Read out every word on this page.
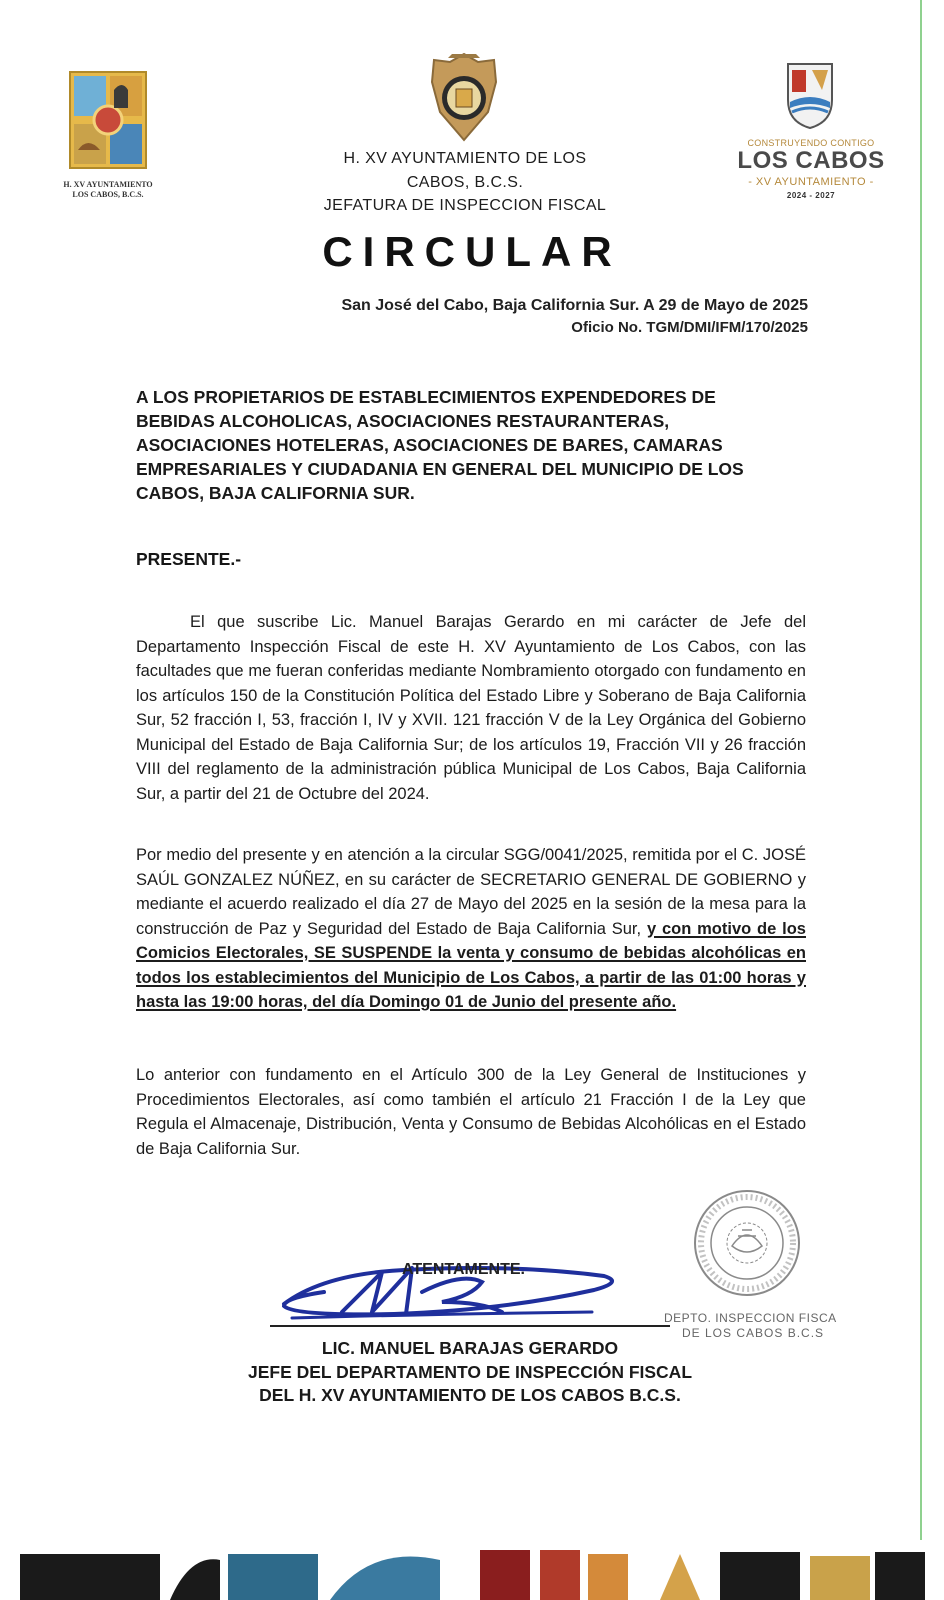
H. XV AYUNTAMIENTO LOS CABOS, B.C.S.
H. XV AYUNTAMIENTO DE LOS
CABOS, B.C.S.
JEFATURA DE INSPECCION FISCAL
CONSTRUYENDO CONTIGO
LOS CABOS
- XV AYUNTAMIENTO -
2024 - 2027
CIRCULAR
San José del Cabo, Baja California Sur. A 29 de Mayo de 2025
Oficio No. TGM/DMI/IFM/170/2025
A LOS PROPIETARIOS DE ESTABLECIMIENTOS EXPENDEDORES DE BEBIDAS ALCOHOLICAS, ASOCIACIONES RESTAURANTERAS, ASOCIACIONES HOTELERAS, ASOCIACIONES DE BARES, CAMARAS EMPRESARIALES Y CIUDADANIA EN GENERAL DEL MUNICIPIO DE LOS CABOS, BAJA CALIFORNIA SUR.
PRESENTE.-
El que suscribe Lic. Manuel Barajas Gerardo en mi carácter de Jefe del Departamento Inspección Fiscal de este H. XV Ayuntamiento de Los Cabos, con las facultades que me fueran conferidas mediante Nombramiento otorgado con fundamento en los artículos 150 de la Constitución Política del Estado Libre y Soberano de Baja California Sur, 52 fracción I, 53, fracción I, IV y XVII. 121 fracción V de la Ley Orgánica del Gobierno Municipal del Estado de Baja California Sur; de los artículos 19, Fracción VII y 26 fracción VIII del reglamento de la administración pública Municipal de Los Cabos, Baja California Sur, a partir del 21 de Octubre del 2024.
Por medio del presente y en atención a la circular SGG/0041/2025, remitida por el C. JOSÉ SAÚL GONZALEZ NÚÑEZ, en su carácter de SECRETARIO GENERAL DE GOBIERNO y mediante el acuerdo realizado el día 27 de Mayo del 2025 en la sesión de la mesa para la construcción de Paz y Seguridad del Estado de Baja California Sur, y con motivo de los Comicios Electorales, SE SUSPENDE la venta y consumo de bebidas alcohólicas en todos los establecimientos del Municipio de Los Cabos, a partir de las 01:00 horas y hasta las 19:00 horas, del día Domingo 01 de Junio del presente año.
Lo anterior con fundamento en el Artículo 300 de la Ley General de Instituciones y Procedimientos Electorales, así como también el artículo 21 Fracción I de la Ley que Regula el Almacenaje, Distribución, Venta y Consumo de Bebidas Alcohólicas en el Estado de Baja California Sur.
DEPTO. INSPECCION FISCA
DE LOS CABOS B.C.S
ATENTAMENTE.
LIC. MANUEL BARAJAS GERARDO
JEFE DEL DEPARTAMENTO DE INSPECCIÓN FISCAL
DEL H. XV AYUNTAMIENTO DE LOS CABOS B.C.S.
